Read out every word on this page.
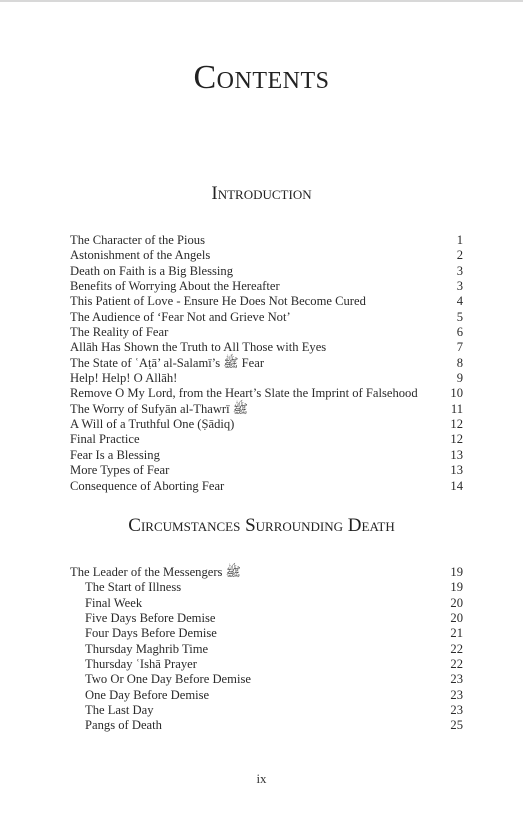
Contents
Introduction
The Character of the Pious	1
Astonishment of the Angels	2
Death on Faith is a Big Blessing	3
Benefits of Worrying About the Hereafter	3
This Patient of Love - Ensure He Does Not Become Cured	4
The Audience of ‘Fear Not and Grieve Not’	5
The Reality of Fear	6
Allāh Has Shown the Truth to All Those with Eyes	7
The State of ʿAṭā’ al-Salamī’s ﷺ Fear	8
Help! Help! O Allāh!	9
Remove O My Lord, from the Heart’s Slate the Imprint of Falsehood	10
The Worry of Sufyān al-Thawrī ﷺ	11
A Will of a Truthful One (Ṣādiq)	12
Final Practice	12
Fear Is a Blessing	13
More Types of Fear	13
Consequence of Aborting Fear	14
Circumstances Surrounding Death
The Leader of the Messengers ﷺ	19
The Start of Illness	19
Final Week	20
Five Days Before Demise	20
Four Days Before Demise	21
Thursday Maghrib Time	22
Thursday ʿIshā Prayer	22
Two Or One Day Before Demise	23
One Day Before Demise	23
The Last Day	23
Pangs of Death	25
ix
